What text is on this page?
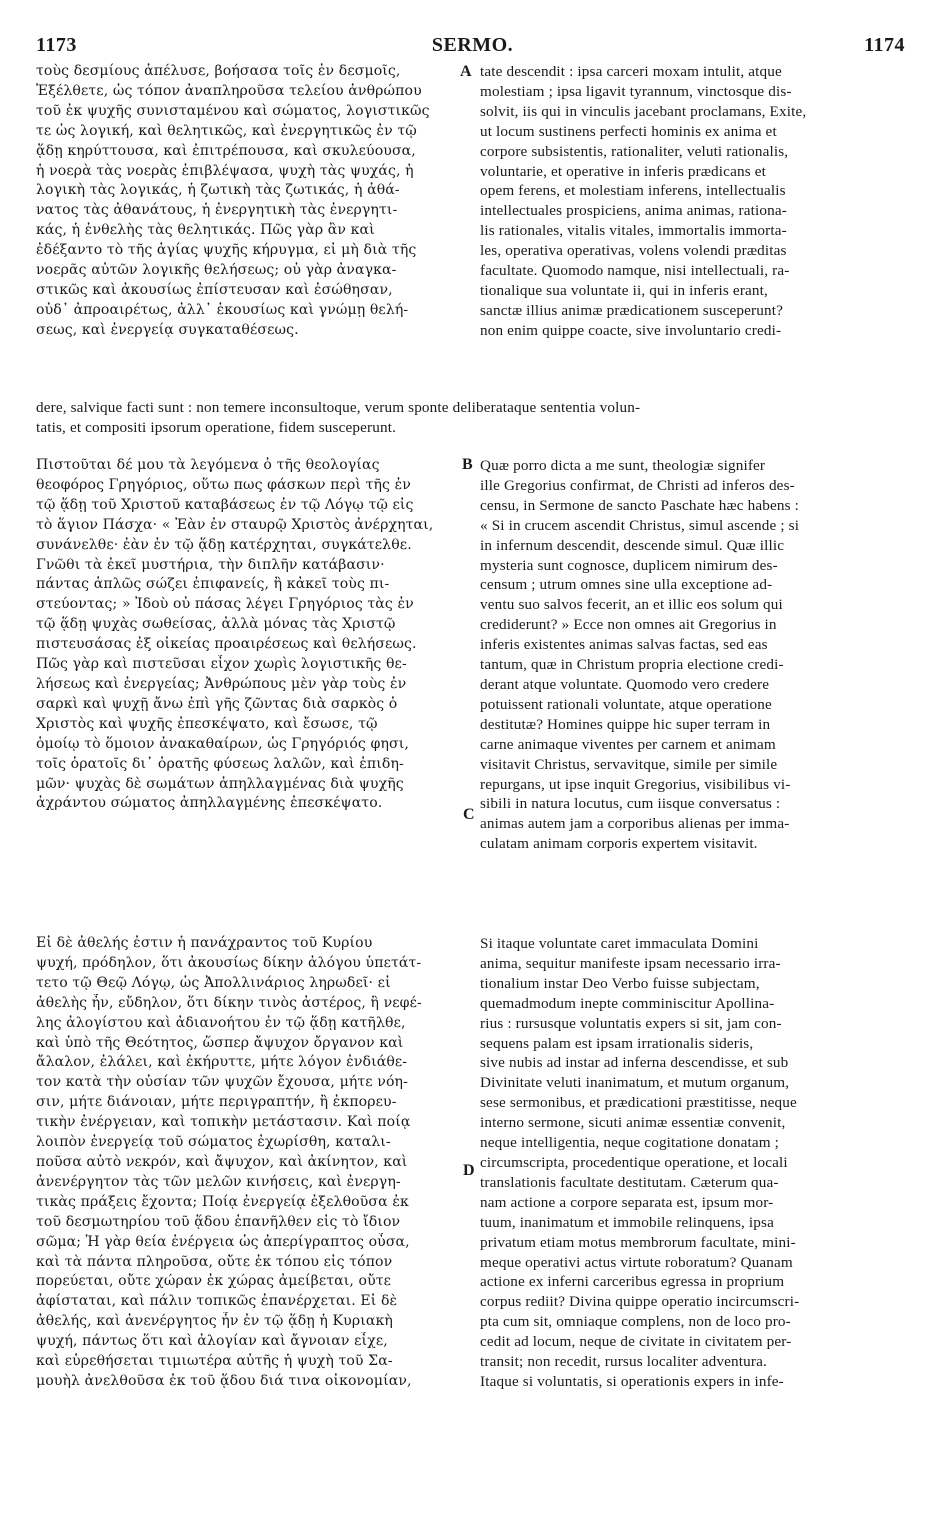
1173	SERMO.	1174
A
B
C
D
τοὺς δεσμίους ἀπέλυσε, βοήσασα τοῖς ἐν δεσμοῖς,
Ἐξέλθετε, ὡς τόπον ἀναπληροῦσα τελείου ἀνθρώπου
τοῦ ἐκ ψυχῆς συνισταμένου καὶ σώματος, λογιστικῶς
τε ὡς λογική, καὶ θελητικῶς, καὶ ἐνεργητικῶς ἐν τῷ
ᾅδῃ κηρύττουσα, καὶ ἐπιτρέπουσα, καὶ σκυλεύουσα,
ἡ νοερὰ τὰς νοερὰς ἐπιβλέψασα, ψυχὴ τὰς ψυχάς, ἡ
λογικὴ τὰς λογικάς, ἡ ζωτικὴ τὰς ζωτικάς, ἡ ἀθά-
νατος τὰς ἀθανάτους, ἡ ἐνεργητικὴ τὰς ἐνεργητι-
κάς, ἡ ἐνθελὴς τὰς θελητικάς. Πῶς γὰρ ἂν καὶ
ἐδέξαντο τὸ τῆς ἁγίας ψυχῆς κήρυγμα, εἰ μὴ διὰ τῆς
νοερᾶς αὐτῶν λογικῆς θελήσεως; οὐ γὰρ ἀναγκα-
στικῶς καὶ ἀκουσίως ἐπίστευσαν καὶ ἐσώθησαν,
οὐδ᾽ ἀπροαιρέτως, ἀλλ᾽ ἑκουσίως καὶ γνώμῃ θελή-
σεως, καὶ ἐνεργείᾳ συγκαταθέσεως.
tate descendit : ipsa carceri moxam intulit, atque
molestiam ; ipsa ligavit tyrannum, vinctosque dis-
solvit, iis qui in vinculis jacebant proclamans, Exite,
ut locum sustinens perfecti hominis ex anima et
corpore subsistentis, rationaliter, veluti rationalis,
voluntarie, et operative in inferis prædicans et
opem ferens, et molestiam inferens, intellectualis
intellectuales prospiciens, anima animas, rationa-
lis rationales, vitalis vitales, immortalis immorta-
les, operativa operativas, volens volendi præditas
facultate. Quomodo namque, nisi intellectuali, ra-
tionalique sua voluntate ii, qui in inferis erant,
sanctæ illius animæ prædicationem susceperunt?
non enim quippe coacte, sive involuntario credi-
dere, salvique facti sunt : non temere inconsultoque, verum sponte deliberataque sententia volun-
tatis, et compositi ipsorum operatione, fidem susceperunt.
Πιστοῦται δέ μου τὰ λεγόμενα ὁ τῆς θεολογίας
θεοφόρος Γρηγόριος, οὕτω πως φάσκων περὶ τῆς ἐν
τῷ ᾅδῃ τοῦ Χριστοῦ καταβάσεως ἐν τῷ Λόγῳ τῷ εἰς
τὸ ἅγιον Πάσχα· « Ἐὰν ἐν σταυρῷ Χριστὸς ἀνέρχηται,
συνάνελθε· ἐὰν ἐν τῷ ᾅδῃ κατέρχηται, συγκάτελθε.
Γνῶθι τὰ ἐκεῖ μυστήρια, τὴν διπλῆν κατάβασιν·
πάντας ἁπλῶς σώζει ἐπιφανείς, ἢ κἀκεῖ τοὺς πι-
στεύοντας; » Ἰδοὺ οὐ πάσας λέγει Γρηγόριος τὰς ἐν
τῷ ᾅδῃ ψυχὰς σωθείσας, ἀλλὰ μόνας τὰς Χριστῷ
πιστευσάσας ἐξ οἰκείας προαιρέσεως καὶ θελήσεως.
Πῶς γὰρ καὶ πιστεῦσαι εἶχον χωρὶς λογιστικῆς θε-
λήσεως καὶ ἐνεργείας; Ἀνθρώπους μὲν γὰρ τοὺς ἐν
σαρκὶ καὶ ψυχῇ ἄνω ἐπὶ γῆς ζῶντας διὰ σαρκὸς ὁ
Χριστὸς καὶ ψυχῆς ἐπεσκέψατο, καὶ ἔσωσε, τῷ
ὁμοίῳ τὸ ὅμοιον ἀνακαθαίρων, ὡς Γρηγόριός φησι,
τοῖς ὁρατοῖς δι᾽ ὁρατῆς φύσεως λαλῶν, καὶ ἐπιδη-
μῶν· ψυχὰς δὲ σωμάτων ἀπηλλαγμένας διὰ ψυχῆς
ἀχράντου σώματος ἀπηλλαγμένης ἐπεσκέψατο.
Quæ porro dicta a me sunt, theologiæ signifer
ille Gregorius confirmat, de Christi ad inferos des-
censu, in Sermone de sancto Paschate hæc habens :
« Si in crucem ascendit Christus, simul ascende ; si
in infernum descendit, descende simul. Quæ illic
mysteria sunt cognosce, duplicem nimirum des-
censum ; utrum omnes sine ulla exceptione ad-
ventu suo salvos fecerit, an et illic eos solum qui
crediderunt? » Ecce non omnes ait Gregorius in
inferis existentes animas salvas factas, sed eas
tantum, quæ in Christum propria electione credi-
derant atque voluntate. Quomodo vero credere
potuissent rationali voluntate, atque operatione
destitutæ? Homines quippe hic super terram in
carne animaque viventes per carnem et animam
visitavit Christus, servavitque, simile per simile
repurgans, ut ipse inquit Gregorius, visibilibus vi-
sibili in natura locutus, cum iisque conversatus :
animas autem jam a corporibus alienas per imma-
culatam animam corporis expertem visitavit.
Εἰ δὲ ἀθελής ἐστιν ἡ πανάχραντος τοῦ Κυρίου
ψυχή, πρόδηλον, ὅτι ἀκουσίως δίκην ἀλόγου ὑπετάτ-
τετο τῷ Θεῷ Λόγῳ, ὡς Ἀπολλινάριος ληρωδεῖ· εἰ
ἀθελὴς ἦν, εὔδηλον, ὅτι δίκην τινὸς ἀστέρος, ἢ νεφέ-
λης ἀλογίστου καὶ ἀδιανοήτου ἐν τῷ ᾅδῃ κατῆλθε,
καὶ ὑπὸ τῆς Θεότητος, ὥσπερ ἄψυχον ὄργανον καὶ
ἄλαλον, ἐλάλει, καὶ ἐκήρυττε, μήτε λόγον ἐνδιάθε-
τον κατὰ τὴν οὐσίαν τῶν ψυχῶν ἔχουσα, μήτε νόη-
σιν, μήτε διάνοιαν, μήτε περιγραπτήν, ἢ ἐκπορευ-
τικὴν ἐνέργειαν, καὶ τοπικὴν μετάστασιν. Καὶ ποίᾳ
λοιπὸν ἐνεργείᾳ τοῦ σώματος ἐχωρίσθη, καταλι-
ποῦσα αὐτὸ νεκρόν, καὶ ἄψυχον, καὶ ἀκίνητον, καὶ
ἀνενέργητον τὰς τῶν μελῶν κινήσεις, καὶ ἐνεργη-
τικὰς πράξεις ἔχοντα; Ποίᾳ ἐνεργείᾳ ἐξελθοῦσα ἐκ
τοῦ δεσμωτηρίου τοῦ ᾅδου ἐπανῆλθεν εἰς τὸ ἴδιον
σῶμα; Ἡ γὰρ θεία ἐνέργεια ὡς ἀπερίγραπτος οὖσα,
καὶ τὰ πάντα πληροῦσα, οὔτε ἐκ τόπου εἰς τόπον
πορεύεται, οὔτε χώραν ἐκ χώρας ἀμείβεται, οὔτε
ἀφίσταται, καὶ πάλιν τοπικῶς ἐπανέρχεται. Εἰ δὲ
ἀθελής, καὶ ἀνενέργητος ἦν ἐν τῷ ᾅδῃ ἡ Κυριακὴ
ψυχή, πάντως ὅτι καὶ ἀλογίαν καὶ ἄγνοιαν εἶχε,
καὶ εὑρεθήσεται τιμιωτέρα αὐτῆς ἡ ψυχὴ τοῦ Σα-
μουὴλ ἀνελθοῦσα ἐκ τοῦ ᾅδου διά τινα οἰκονομίαν,
Si itaque voluntate caret immaculata Domini
anima, sequitur manifeste ipsam necessario irra-
tionalium instar Deo Verbo fuisse subjectam,
quemadmodum inepte comminiscitur Apollina-
rius : rursusque voluntatis expers si sit, jam con-
sequens palam est ipsam irrationalis sideris,
sive nubis ad instar ad inferna descendisse, et sub
Divinitate veluti inanimatum, et mutum organum,
sese sermonibus, et prædicationi præstitisse, neque
interno sermone, sicuti animæ essentiæ convenit,
neque intelligentia, neque cogitatione donatam ;
circumscripta, procedentique operatione, et locali
translationis facultate destitutam. Cæterum qua-
nam actione a corpore separata est, ipsum mor-
tuum, inanimatum et immobile relinquens, ipsa
privatum etiam motus membrorum facultate, mini-
meque operativi actus virtute roboratum? Quanam
actione ex inferni carceribus egressa in proprium
corpus rediit? Divina quippe operatio incircumscri-
pta cum sit, omniaque complens, non de loco pro-
cedit ad locum, neque de civitate in civitatem per-
transit; non recedit, rursus localiter adventura.
Itaque si voluntatis, si operationis expers in infe-
